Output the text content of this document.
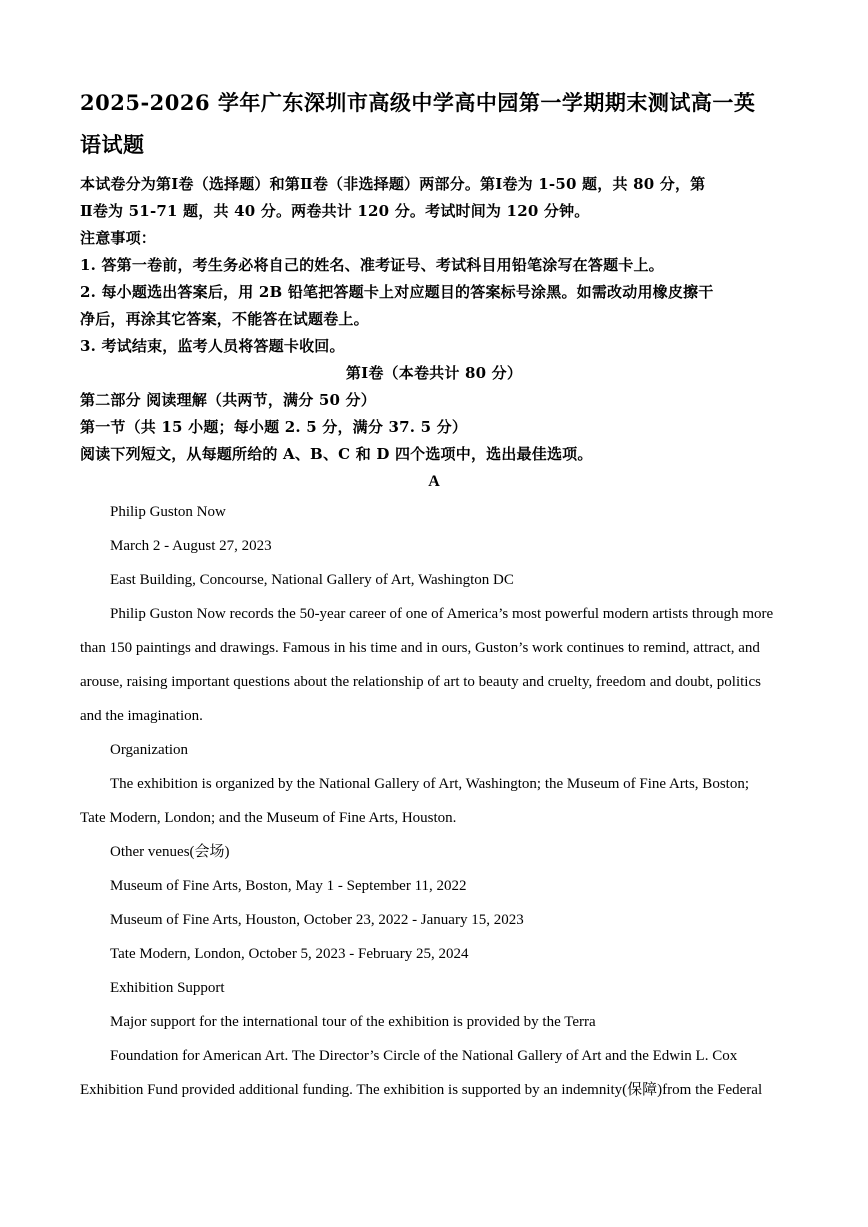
2025-2026 学年广东深圳市高级中学高中园第一学期期末测试高一英
语试题

本试卷分为第Ⅰ卷（选择题）和第Ⅱ卷（非选择题）两部分。第Ⅰ卷为 1-50 题，共 80 分，第

Ⅱ卷为 51-71 题，共 40 分。两卷共计 120 分。考试时间为 120 分钟。

注意事项：

1. 答第一卷前，考生务必将自己的姓名、准考证号、考试科目用铅笔涂写在答题卡上。

2. 每小题选出答案后，用 2B 铅笔把答题卡上对应题目的答案标号涂黑。如需改动用橡皮擦干

净后，再涂其它答案，不能答在试题卷上。

3. 考试结束，监考人员将答题卡收回。

第Ⅰ卷（本卷共计 80 分）

第二部分 阅读理解（共两节，满分 50 分）

第一节（共 15 小题；每小题 2. 5 分，满分 37. 5 分）

阅读下列短文，从每题所给的 A、B、C 和 D 四个选项中，选出最佳选项。

A

Philip Guston Now

March 2 - August 27, 2023

East Building, Concourse, National Gallery of Art, Washington DC

Philip Guston Now records the 50-year career of one of America’s most powerful modern artists through more

than 150 paintings and drawings. Famous in his time and in ours, Guston’s work continues to remind, attract, and

arouse, raising important questions about the relationship of art to beauty and cruelty, freedom and doubt, politics

and the imagination.

Organization

The exhibition is organized by the National Gallery of Art, Washington; the Museum of Fine Arts, Boston;

Tate Modern, London; and the Museum of Fine Arts, Houston.

Other venues(会场)

Museum of Fine Arts, Boston, May 1 - September 11, 2022

Museum of Fine Arts, Houston, October 23, 2022 - January 15, 2023

Tate Modern, London, October 5, 2023 - February 25, 2024

Exhibition Support

Major support for the international tour of the exhibition is provided by the Terra

Foundation for American Art. The Director’s Circle of the National Gallery of Art and the Edwin L. Cox

Exhibition Fund provided additional funding. The exhibition is supported by an indemnity(保障)from the Federal
